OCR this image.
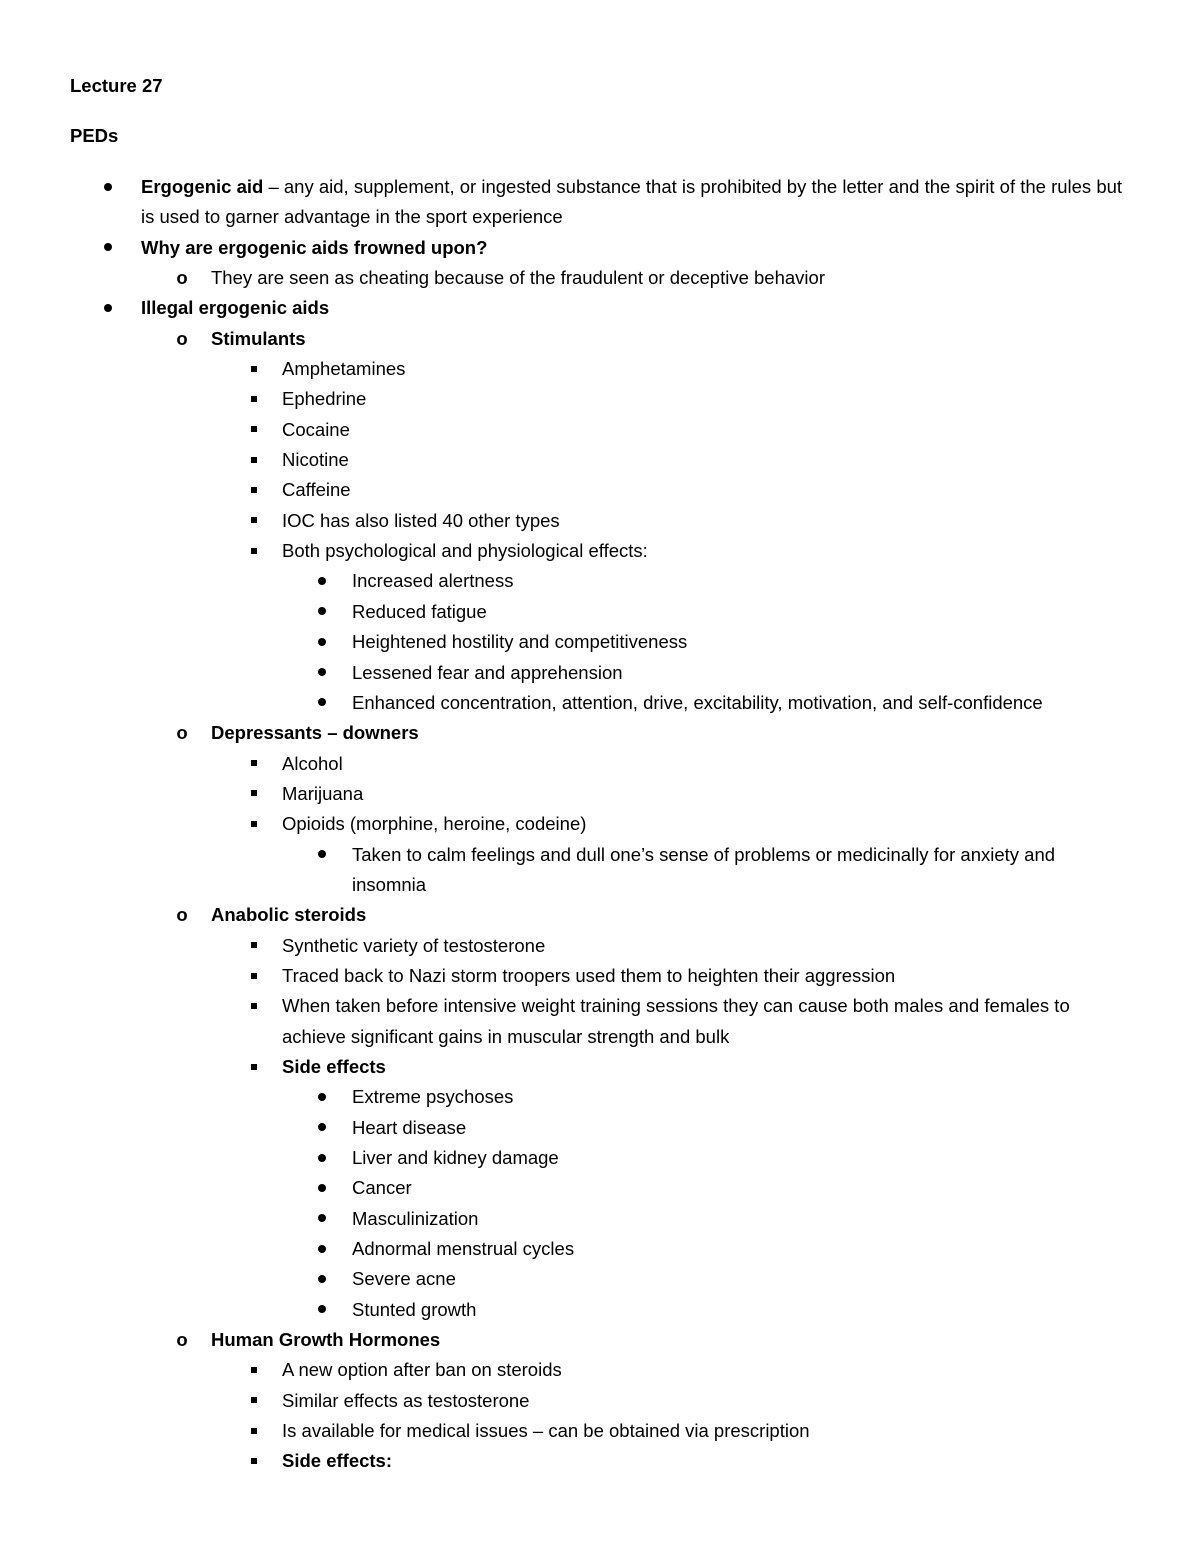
Lecture 27
PEDs
Ergogenic aid – any aid, supplement, or ingested substance that is prohibited by the letter and the spirit of the rules but is used to garner advantage in the sport experience
Why are ergogenic aids frowned upon?
o They are seen as cheating because of the fraudulent or deceptive behavior
Illegal ergogenic aids
o Stimulants
Amphetamines
Ephedrine
Cocaine
Nicotine
Caffeine
IOC has also listed 40 other types
Both psychological and physiological effects:
Increased alertness
Reduced fatigue
Heightened hostility and competitiveness
Lessened fear and apprehension
Enhanced concentration, attention, drive, excitability, motivation, and self-confidence
o Depressants – downers
Alcohol
Marijuana
Opioids (morphine, heroine, codeine)
Taken to calm feelings and dull one’s sense of problems or medicinally for anxiety and insomnia
o Anabolic steroids
Synthetic variety of testosterone
Traced back to Nazi storm troopers used them to heighten their aggression
When taken before intensive weight training sessions they can cause both males and females to achieve significant gains in muscular strength and bulk
Side effects
Extreme psychoses
Heart disease
Liver and kidney damage
Cancer
Masculinization
Adnormal menstrual cycles
Severe acne
Stunted growth
o Human Growth Hormones
A new option after ban on steroids
Similar effects as testosterone
Is available for medical issues – can be obtained via prescription
Side effects:
